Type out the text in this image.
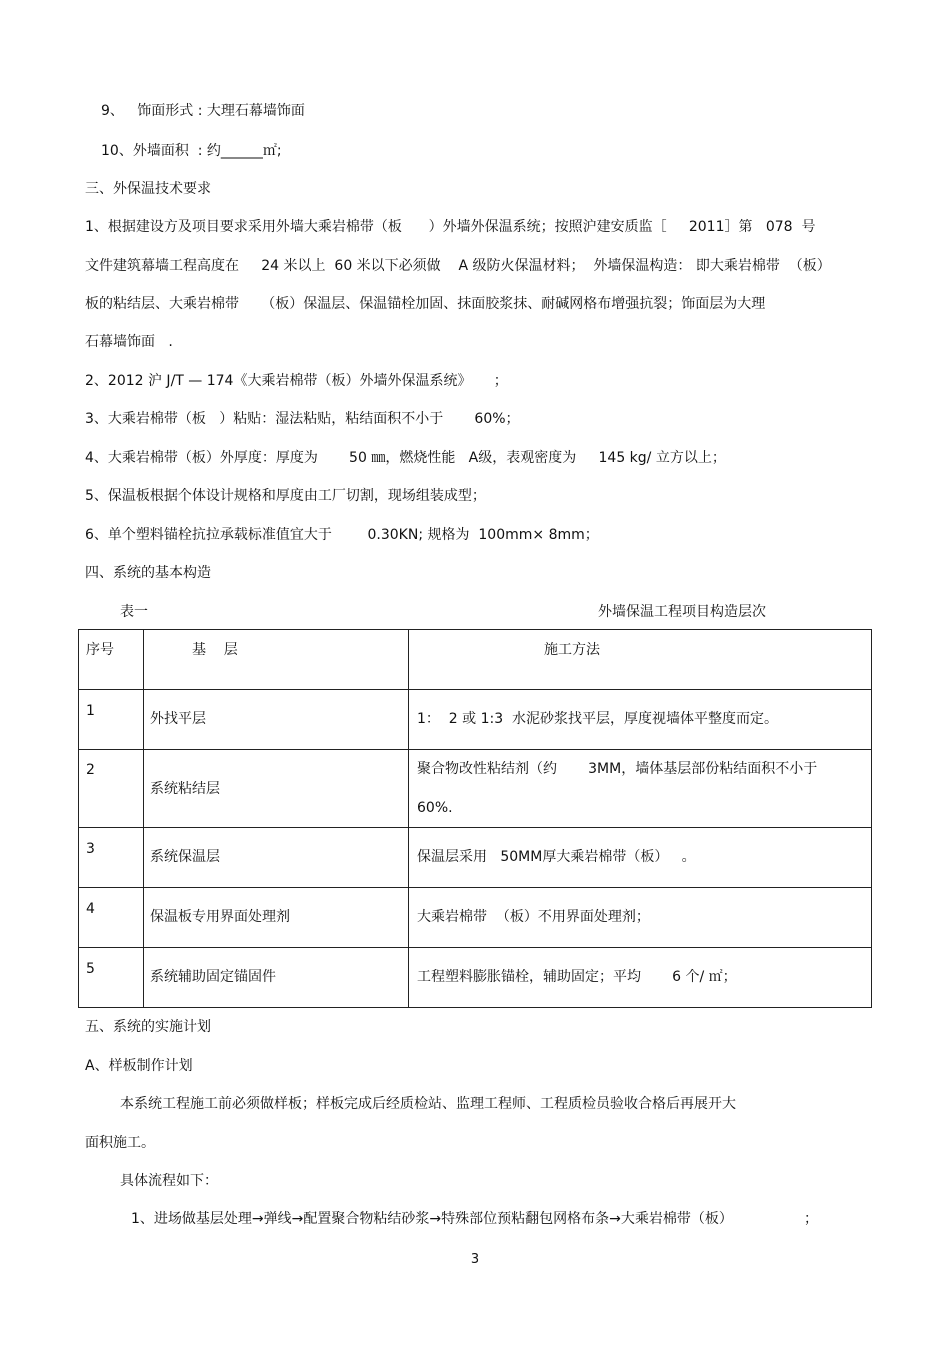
9、   饰面形式 : 大理石幕墙饰面
10、外墙面积  : 约______㎡;
三、外保温技术要求
1、根据建设方及项目要求采用外墙大乘岩棉带（板      ）外墙外保温系统；按照沪建安质监［     2011］第   078  号
文件建筑幕墙工程高度在     24 米以上  60 米以下必须做    A 级防火保温材料；  外墙保温构造： 即大乘岩棉带  （板）
板的粘结层、大乘岩棉带     （板）保温层、保温锚栓加固、抹面胶浆抹、耐碱网格布增强抗裂；饰面层为大理
石幕墙饰面   .
2、2012 沪 J/T — 174《大乘岩棉带（板）外墙外保温系统》     ；
3、大乘岩棉带（板   ）粘贴：湿法粘贴，粘结面积不小于       60%；
4、大乘岩棉带（板）外厚度：厚度为       50 ㎜，燃烧性能   A级，表观密度为     145 kg/ 立方以上；
5、保温板根据个体设计规格和厚度由工厂切割，现场组装成型；
6、单个塑料锚栓抗拉承载标准值宜大于        0.30KN; 规格为  100mm× 8mm；
四、系统的基本构造
表一	外墙保温工程项目构造层次
序号	基    层	施工方法

1	外找平层	1：  2 或 1:3  水泥砂浆找平层，厚度视墙体平整度而定。

2	系统粘结层	聚合物改性粘结剂（约       3MM，墙体基层部份粘结面积不小于
60%.

3	系统保温层	保温层采用   50MM厚大乘岩棉带（板）   。

4	保温板专用界面处理剂	大乘岩棉带  （板）不用界面处理剂；

5	系统辅助固定锚固件	工程塑料膨胀锚栓，辅助固定；平均       6 个/ ㎡；
五、系统的实施计划
A、样板制作计划
本系统工程施工前必须做样板；样板完成后经质检站、监理工程师、工程质检员验收合格后再展开大
面积施工。
具体流程如下：
1、进场做基层处理→弹线→配置聚合物粘结砂浆→特殊部位预粘翻包网格布条→大乘岩棉带（板）                ；
3
